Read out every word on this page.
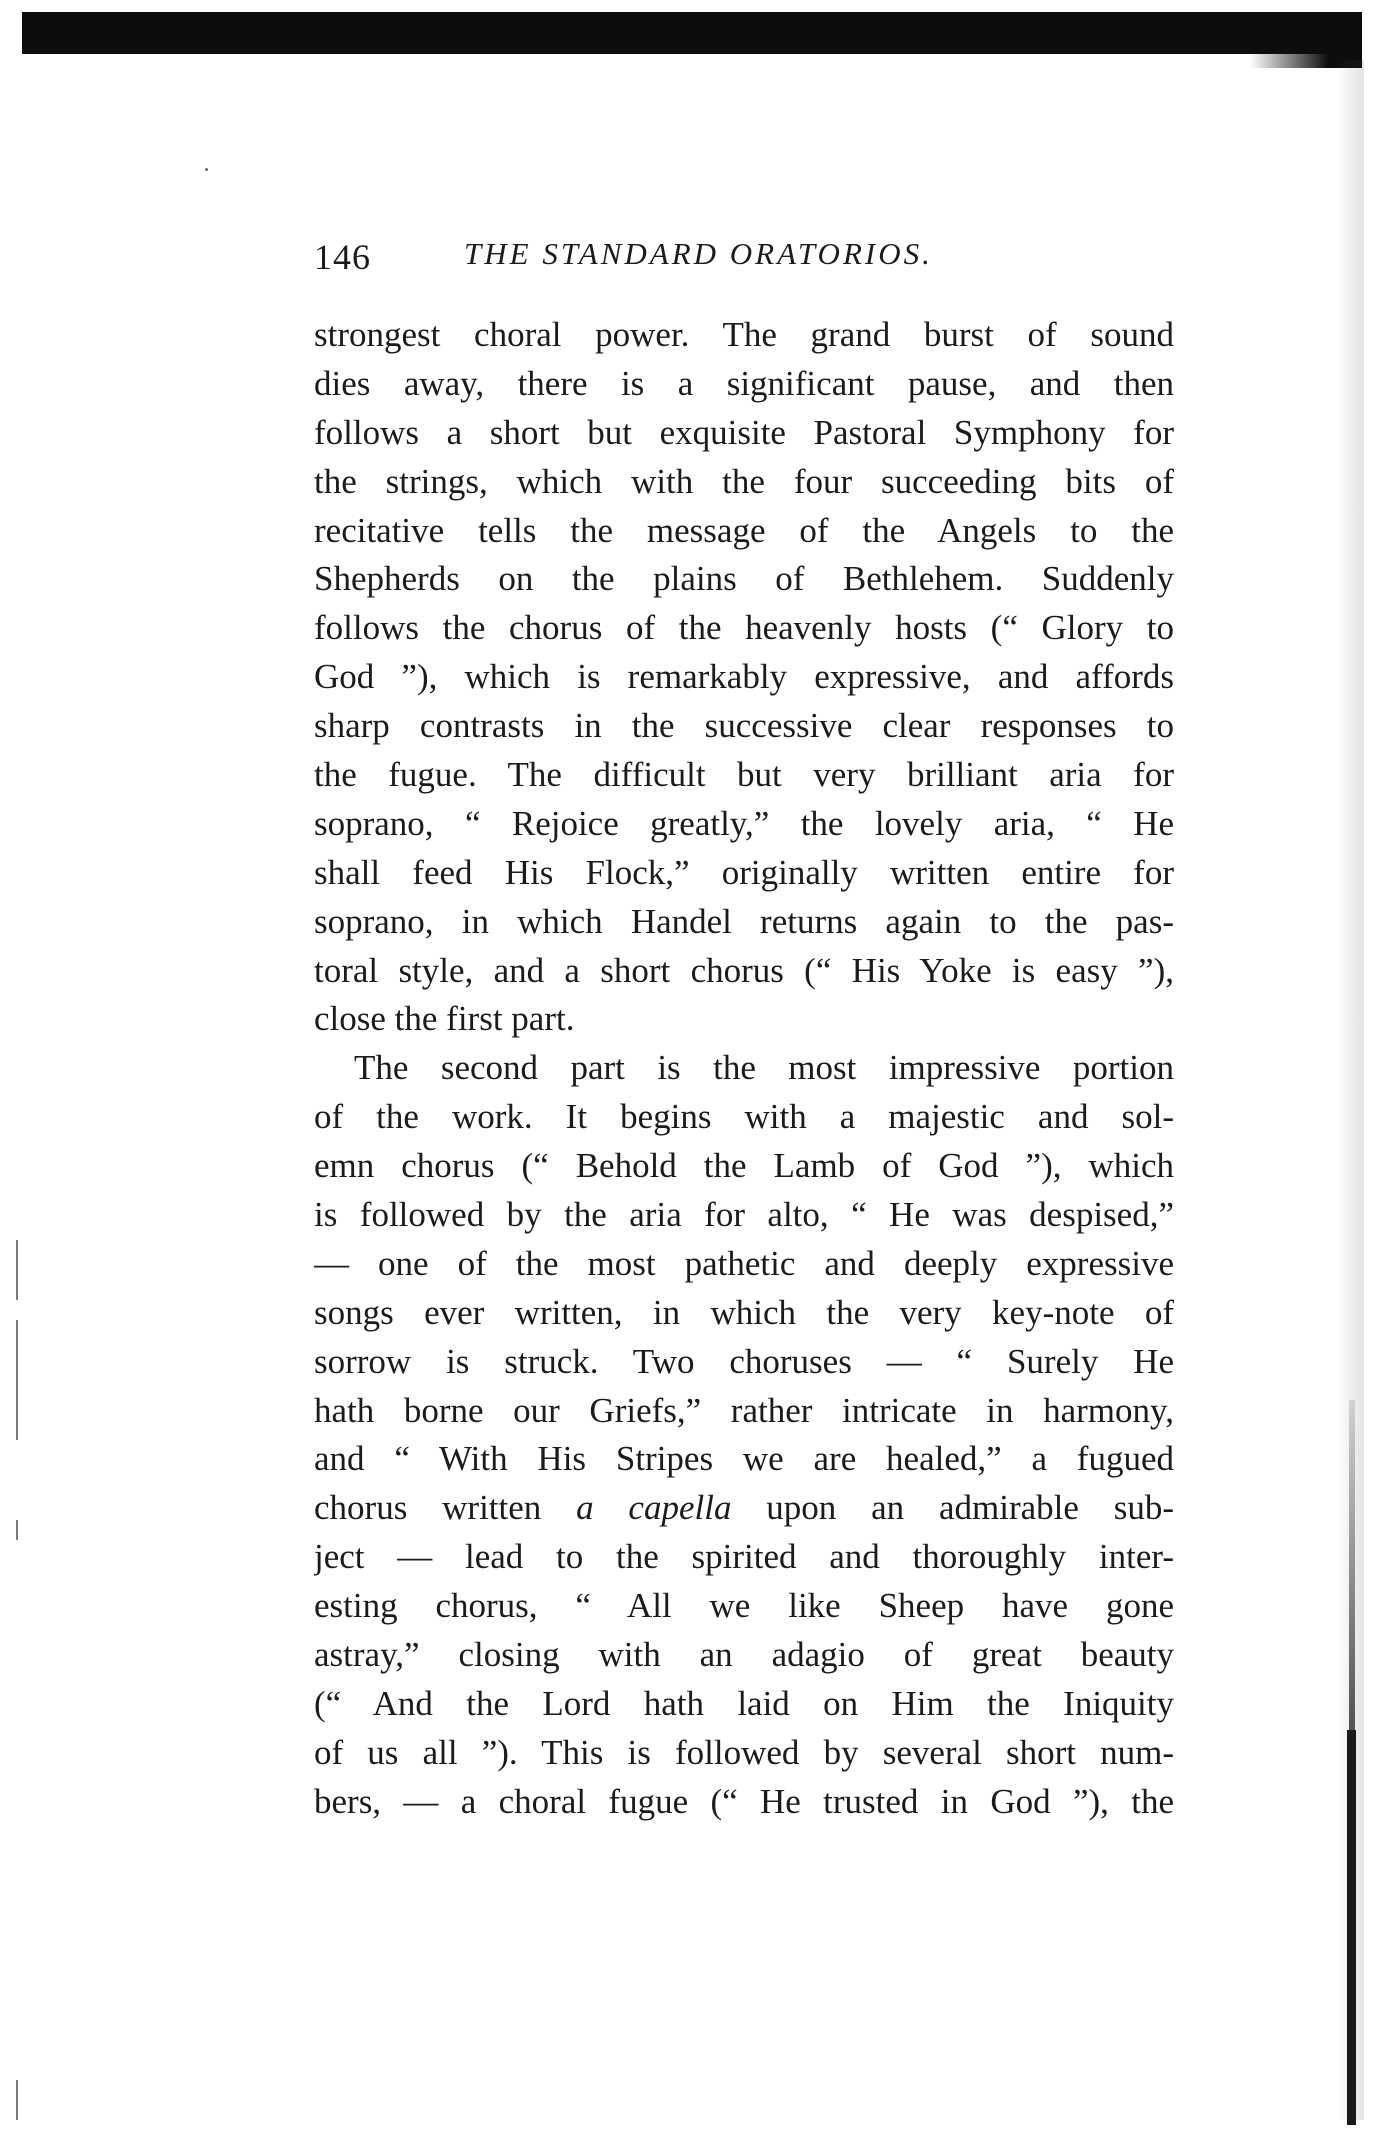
146	THE STANDARD ORATORIOS.
strongest choral power. The grand burst of sound
dies away, there is a significant pause, and then
follows a short but exquisite Pastoral Symphony for
the strings, which with the four succeeding bits of
recitative tells the message of the Angels to the
Shepherds on the plains of Bethlehem. Suddenly
follows the chorus of the heavenly hosts (“ Glory to
God ”), which is remarkably expressive, and affords
sharp contrasts in the successive clear responses to
the fugue. The difficult but very brilliant aria for
soprano, “ Rejoice greatly,” the lovely aria, “ He
shall feed His Flock,” originally written entire for
soprano, in which Handel returns again to the pas-
toral style, and a short chorus (“ His Yoke is easy ”),
close the first part.
The second part is the most impressive portion
of the work. It begins with a majestic and sol-
emn chorus (“ Behold the Lamb of God ”), which
is followed by the aria for alto, “ He was despised,”
— one of the most pathetic and deeply expressive
songs ever written, in which the very key-note of
sorrow is struck. Two choruses — “ Surely He
hath borne our Griefs,” rather intricate in harmony,
and “ With His Stripes we are healed,” a fugued
chorus written a capella upon an admirable sub-
ject — lead to the spirited and thoroughly inter-
esting chorus, “ All we like Sheep have gone
astray,” closing with an adagio of great beauty
(“ And the Lord hath laid on Him the Iniquity
of us all ”). This is followed by several short num-
bers, — a choral fugue (“ He trusted in God ”), the
